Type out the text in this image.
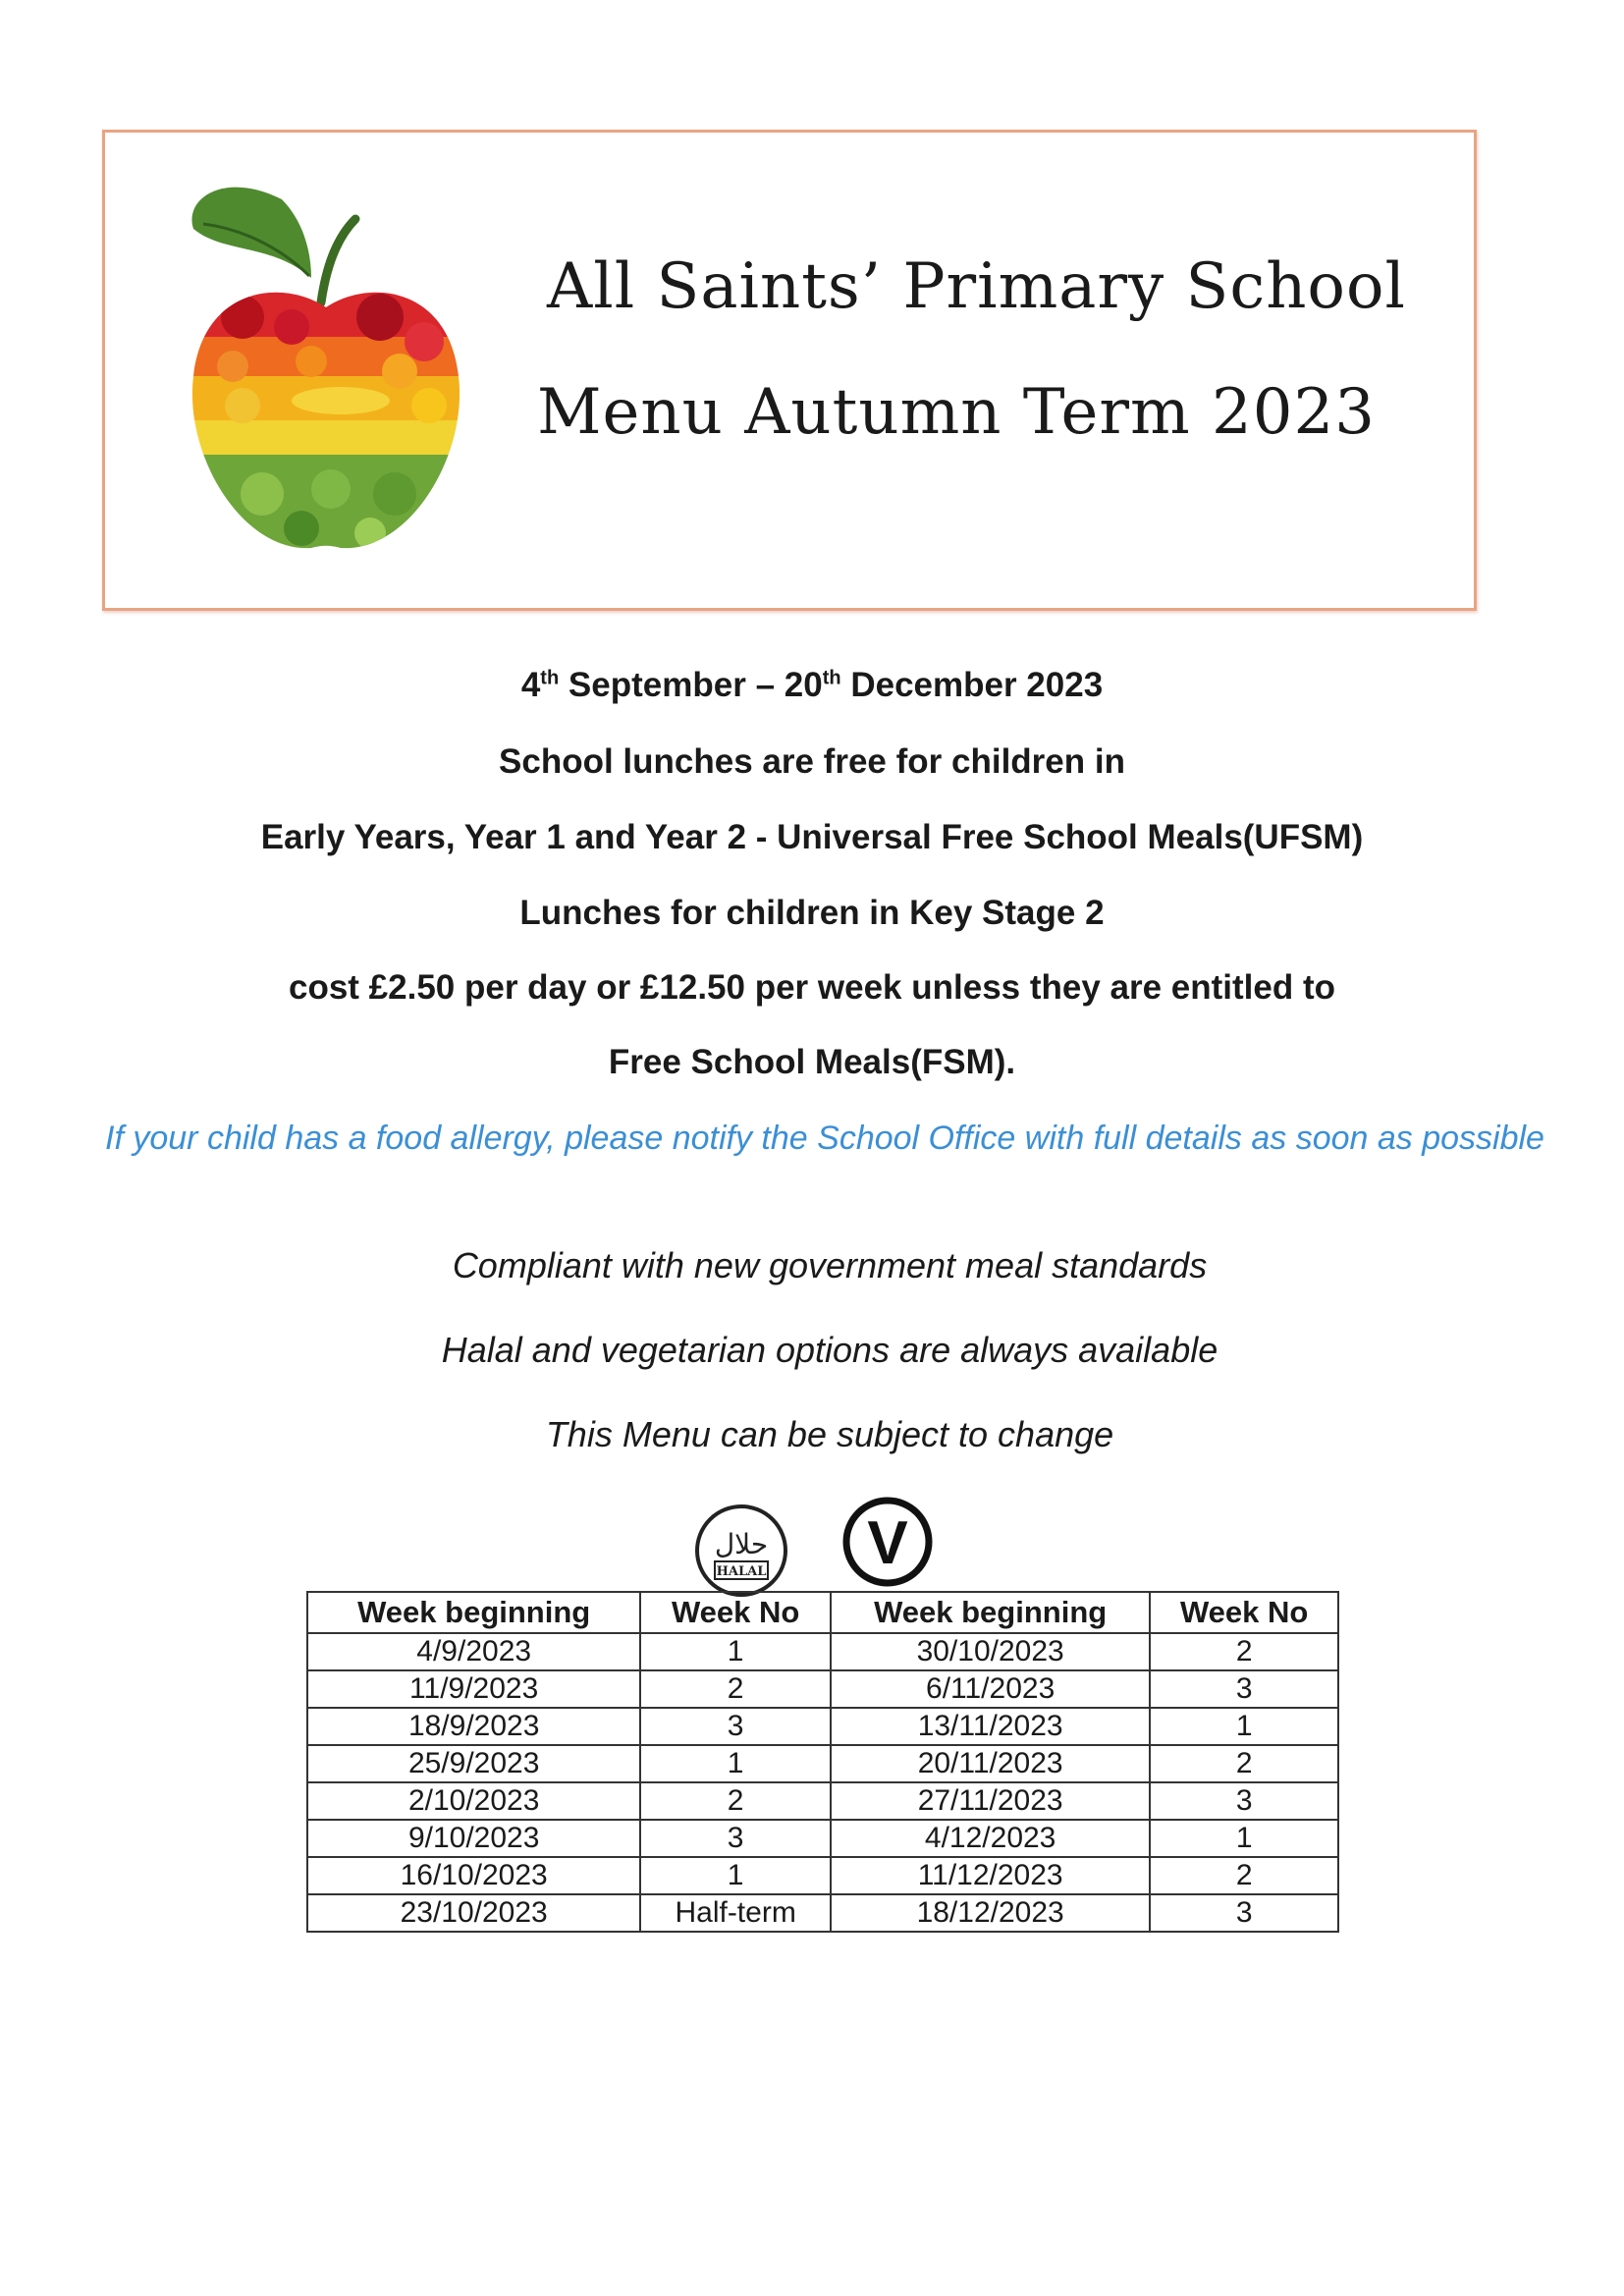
All Saints’ Primary School
Menu Autumn Term 2023
4th September – 20th December 2023
School lunches are free for children in
Early Years, Year 1 and Year 2 - Universal Free School Meals(UFSM)
Lunches for children in Key Stage 2
cost £2.50 per day or £12.50 per week unless they are entitled to
Free School Meals(FSM).
If your child has a food allergy, please notify the School Office with full details as soon as possible
Compliant with new government meal standards
Halal and vegetarian options are always available
This Menu can be subject to change
حلال
HALAL V
Week beginning	Week No	Week beginning	Week No
4/9/2023	1	30/10/2023	2
11/9/2023	2	6/11/2023	3
18/9/2023	3	13/11/2023	1
25/9/2023	1	20/11/2023	2
2/10/2023	2	27/11/2023	3
9/10/2023	3	4/12/2023	1
16/10/2023	1	11/12/2023	2
23/10/2023	Half-term	18/12/2023	3
